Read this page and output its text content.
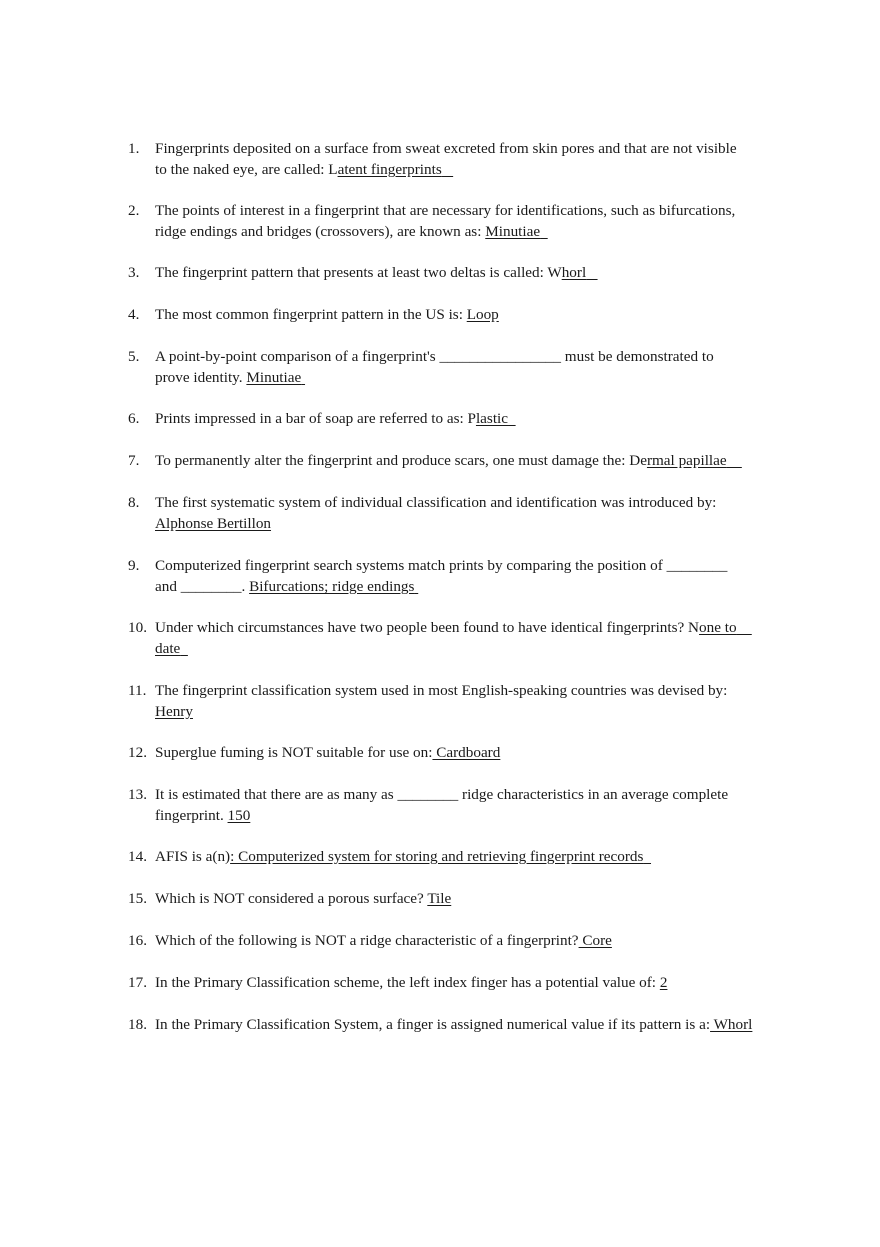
1. Fingerprints deposited on a surface from sweat excreted from skin pores and that are not visible
to the naked eye, are called: Latent fingerprints
2. The points of interest in a fingerprint that are necessary for identifications, such as bifurcations,
ridge endings and bridges (crossovers), are known as: Minutiae
3. The fingerprint pattern that presents at least two deltas is called: Whorl
4. The most common fingerprint pattern in the US is: Loop
5. A point-by-point comparison of a fingerprint's ________________ must be demonstrated to
prove identity. Minutiae
6. Prints impressed in a bar of soap are referred to as: Plastic
7. To permanently alter the fingerprint and produce scars, one must damage the: Dermal papillae
8. The first systematic system of individual classification and identification was introduced by:
Alphonse Bertillon
9. Computerized fingerprint search systems match prints by comparing the position of ________
and ________. Bifurcations; ridge endings
10. Under which circumstances have two people been found to have identical fingerprints? None to
date
11. The fingerprint classification system used in most English-speaking countries was devised by:
Henry
12. Superglue fuming is NOT suitable for use on: Cardboard
13. It is estimated that there are as many as ________ ridge characteristics in an average complete
fingerprint. 150
14. AFIS is a(n): Computerized system for storing and retrieving fingerprint records
15. Which is NOT considered a porous surface? Tile
16. Which of the following is NOT a ridge characteristic of a fingerprint? Core
17. In the Primary Classification scheme, the left index finger has a potential value of: 2
18. In the Primary Classification System, a finger is assigned numerical value if its pattern is a: Whorl
